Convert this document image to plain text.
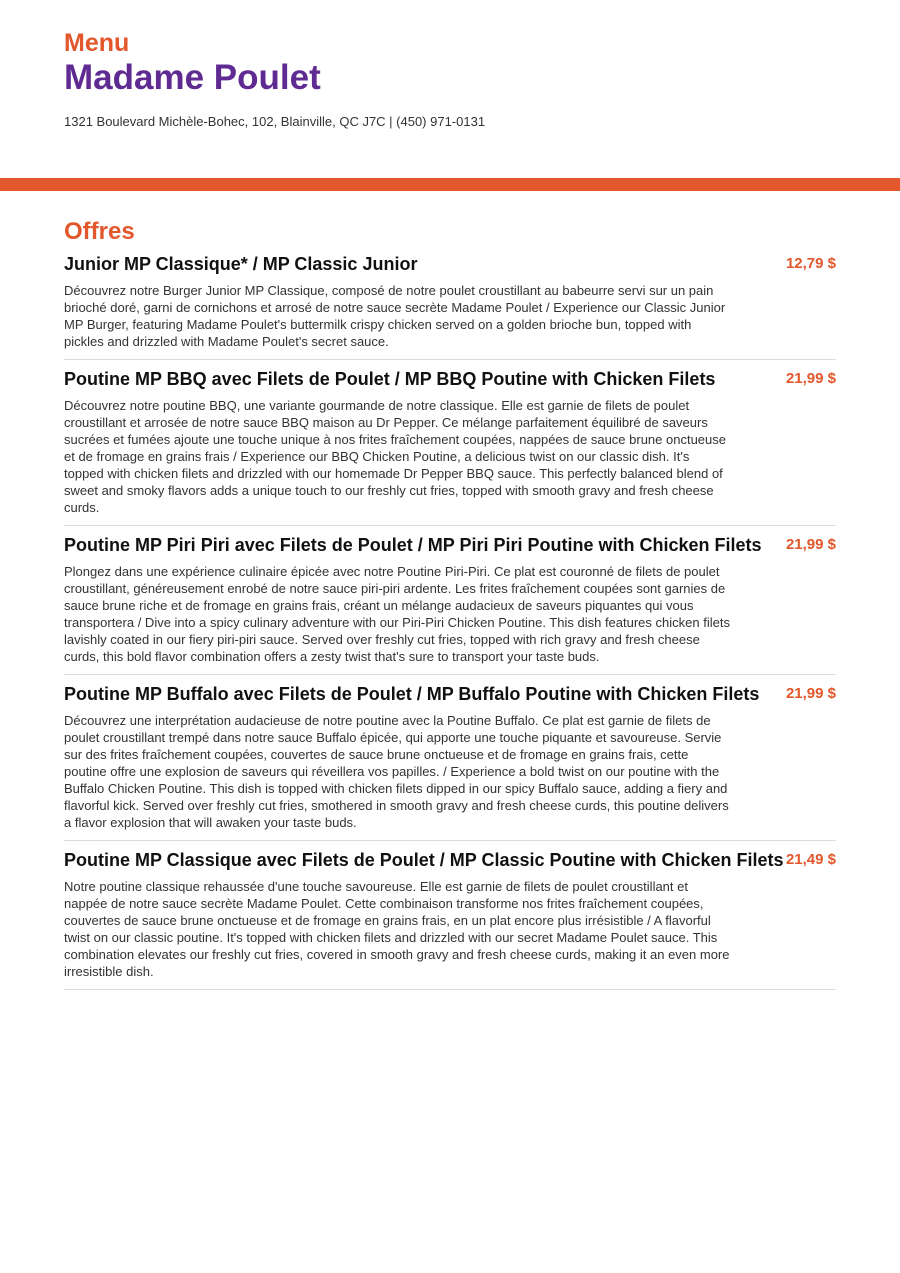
Menu
Madame Poulet
1321 Boulevard Michèle-Bohec, 102, Blainville, QC J7C | (450) 971-0131
Offres
Junior MP Classique* / MP Classic Junior	12,79 $
Découvrez notre Burger Junior MP Classique, composé de notre poulet croustillant au babeurre servi sur un pain brioché doré, garni de cornichons et arrosé de notre sauce secrète Madame Poulet / Experience our Classic Junior MP Burger, featuring Madame Poulet's buttermilk crispy chicken served on a golden brioche bun, topped with pickles and drizzled with Madame Poulet's secret sauce.
Poutine MP BBQ avec Filets de Poulet / MP BBQ Poutine with Chicken Filets	21,99 $
Découvrez notre poutine BBQ, une variante gourmande de notre classique. Elle est garnie de filets de poulet croustillant et arrosée de notre sauce BBQ maison au Dr Pepper. Ce mélange parfaitement équilibré de saveurs sucrées et fumées ajoute une touche unique à nos frites fraîchement coupées, nappées de sauce brune onctueuse et de fromage en grains frais / Experience our BBQ Chicken Poutine, a delicious twist on our classic dish. It's topped with chicken filets and drizzled with our homemade Dr Pepper BBQ sauce. This perfectly balanced blend of sweet and smoky flavors adds a unique touch to our freshly cut fries, topped with smooth gravy and fresh cheese curds.
Poutine MP Piri Piri avec Filets de Poulet / MP Piri Piri Poutine with Chicken Filets	21,99 $
Plongez dans une expérience culinaire épicée avec notre Poutine Piri-Piri. Ce plat est couronné de filets de poulet croustillant, généreusement enrobé de notre sauce piri-piri ardente. Les frites fraîchement coupées sont garnies de sauce brune riche et de fromage en grains frais, créant un mélange audacieux de saveurs piquantes qui vous transportera / Dive into a spicy culinary adventure with our Piri-Piri Chicken Poutine. This dish features chicken filets lavishly coated in our fiery piri-piri sauce. Served over freshly cut fries, topped with rich gravy and fresh cheese curds, this bold flavor combination offers a zesty twist that's sure to transport your taste buds.
Poutine MP Buffalo avec Filets de Poulet / MP Buffalo Poutine with Chicken Filets	21,99 $
Découvrez une interprétation audacieuse de notre poutine avec la Poutine Buffalo. Ce plat est garnie de filets de poulet croustillant trempé dans notre sauce Buffalo épicée, qui apporte une touche piquante et savoureuse. Servie sur des frites fraîchement coupées, couvertes de sauce brune onctueuse et de fromage en grains frais, cette poutine offre une explosion de saveurs qui réveillera vos papilles. / Experience a bold twist on our poutine with the Buffalo Chicken Poutine. This dish is topped with chicken filets dipped in our spicy Buffalo sauce, adding a fiery and flavorful kick. Served over freshly cut fries, smothered in smooth gravy and fresh cheese curds, this poutine delivers a flavor explosion that will awaken your taste buds.
Poutine MP Classique avec Filets de Poulet / MP Classic Poutine with Chicken Filets 21,49 $
Notre poutine classique rehaussée d'une touche savoureuse. Elle est garnie de filets de poulet croustillant et nappée de notre sauce secrète Madame Poulet. Cette combinaison transforme nos frites fraîchement coupées, couvertes de sauce brune onctueuse et de fromage en grains frais, en un plat encore plus irrésistible / A flavorful twist on our classic poutine. It's topped with chicken filets and drizzled with our secret Madame Poulet sauce. This combination elevates our freshly cut fries, covered in smooth gravy and fresh cheese curds, making it an even more irresistible dish.
